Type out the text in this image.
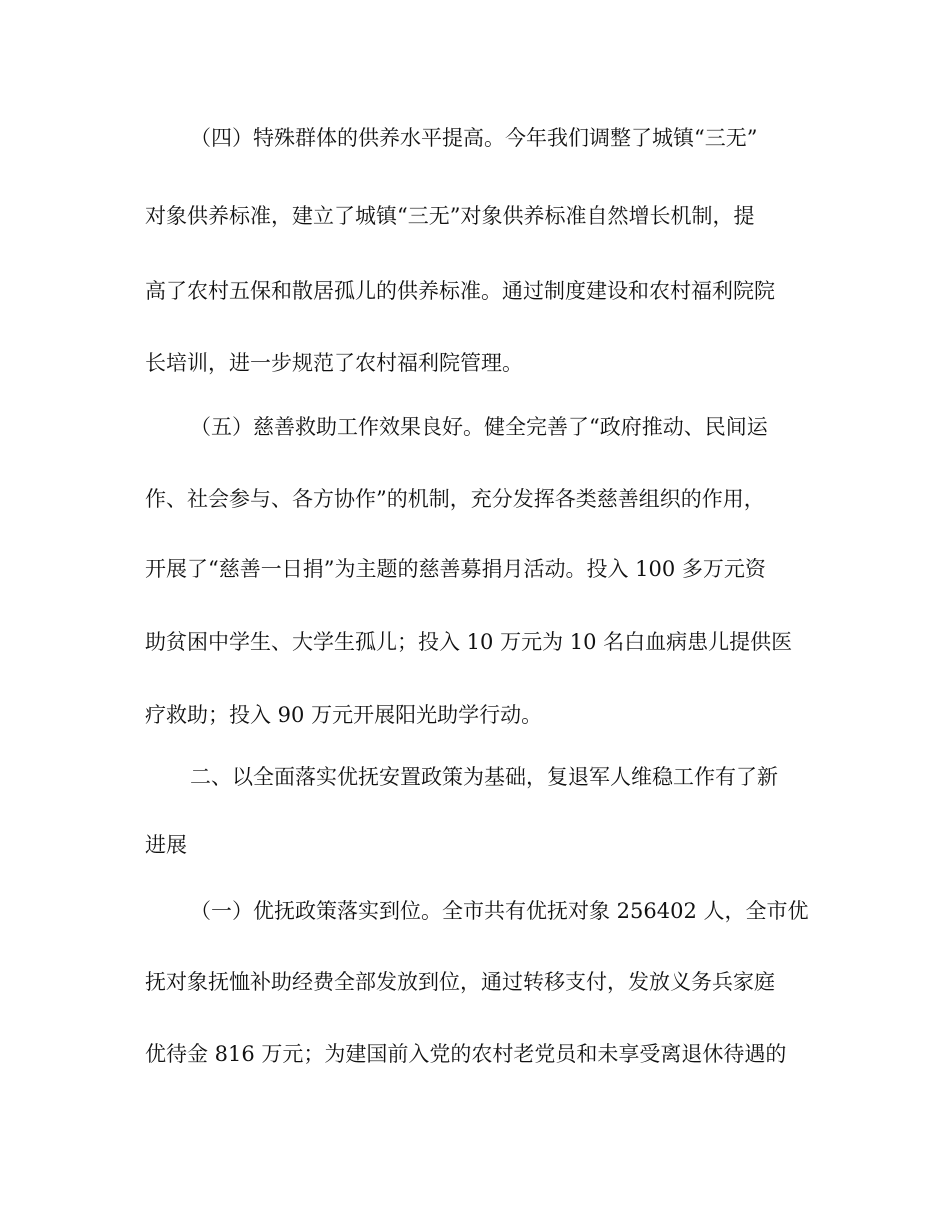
（四）特殊群体的供养水平提高。今年我们调整了城镇“三无”

对象供养标准，建立了城镇“三无”对象供养标准自然增长机制，提

高了农村五保和散居孤儿的供养标准。通过制度建设和农村福利院院

长培训，进一步规范了农村福利院管理。

（五）慈善救助工作效果良好。健全完善了“政府推动、民间运

作、社会参与、各方协作”的机制，充分发挥各类慈善组织的作用，

开展了“慈善一日捐”为主题的慈善募捐月活动。投入 100 多万元资

助贫困中学生、大学生孤儿；投入 10 万元为 10 名白血病患儿提供医

疗救助；投入 90 万元开展阳光助学行动。

二、以全面落实优抚安置政策为基础，复退军人维稳工作有了新

进展

（一）优抚政策落实到位。全市共有优抚对象 256402 人，全市优

抚对象抚恤补助经费全部发放到位，通过转移支付，发放义务兵家庭

优待金 816 万元；为建国前入党的农村老党员和未享受离退休待遇的
